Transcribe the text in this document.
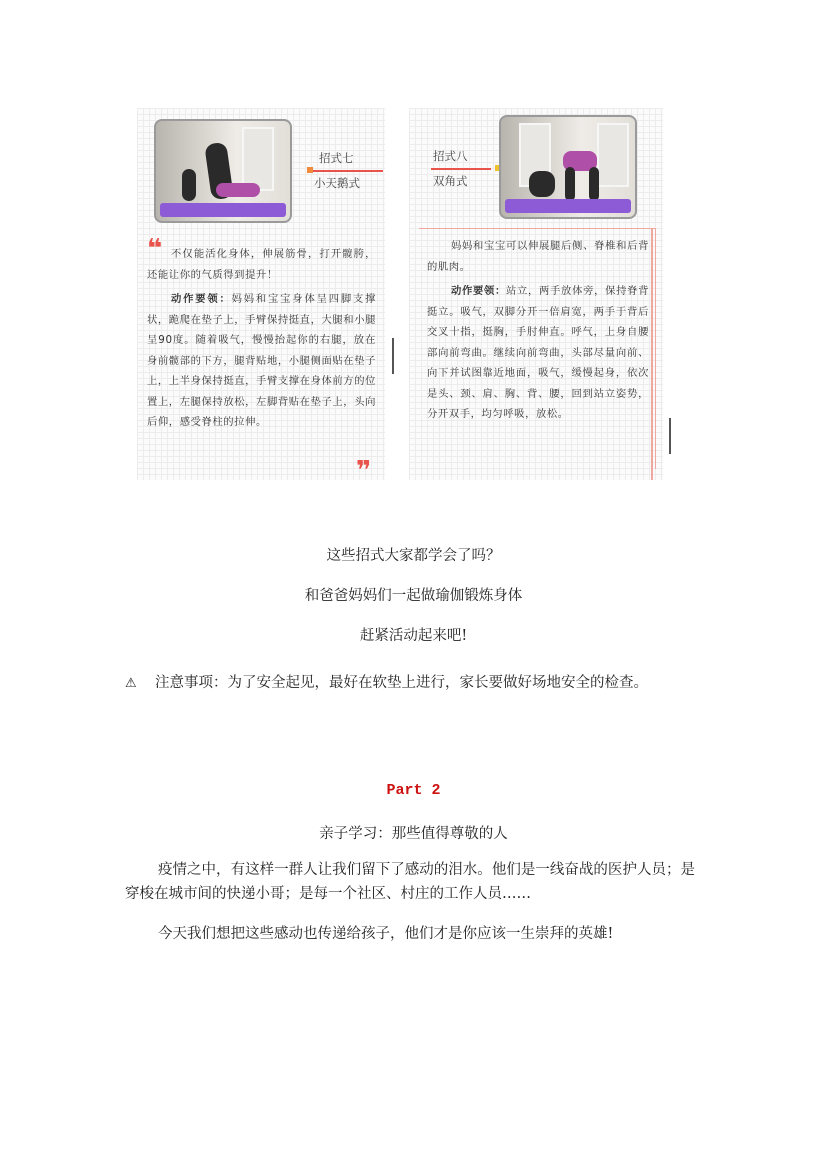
招式七
小天鹅式
❝ 不仅能活化身体，伸展筋骨，打开髋胯，还能让你的气质得到提升！

动作要领：妈妈和宝宝身体呈四脚支撑状，跪爬在垫子上，手臂保持挺直，大腿和小腿呈90度。随着吸气，慢慢抬起你的右腿，放在身前髋部的下方，腿背贴地，小腿侧面贴在垫子上，上半身保持挺直，手臂支撑在身体前方的位置上，左腿保持放松，左脚背贴在垫子上，头向后仰，感受脊柱的拉伸。

❞
招式八
双角式

妈妈和宝宝可以伸展腿后侧、脊椎和后背的肌肉。

动作要领：站立，两手放体旁，保持脊背挺立。吸气，双脚分开一倍肩宽，两手于背后交叉十指，挺胸，手肘伸直。呼气，上身自腰部向前弯曲。继续向前弯曲，头部尽量向前、向下并试图靠近地面，吸气，缓慢起身，依次是头、颈、肩、胸、背、腰，回到站立姿势，分开双手，均匀呼吸，放松。

这些招式大家都学会了吗？
和爸爸妈妈们一起做瑜伽锻炼身体
赶紧活动起来吧!
⚠ 注意事项：为了安全起见，最好在软垫上进行，家长要做好场地安全的检查。
Part 2
亲子学习：那些值得尊敬的人
疫情之中，有这样一群人让我们留下了感动的泪水。他们是一线奋战的医护人员；是穿梭在城市间的快递小哥；是每一个社区、村庄的工作人员……
今天我们想把这些感动也传递给孩子，他们才是你应该一生崇拜的英雄!
